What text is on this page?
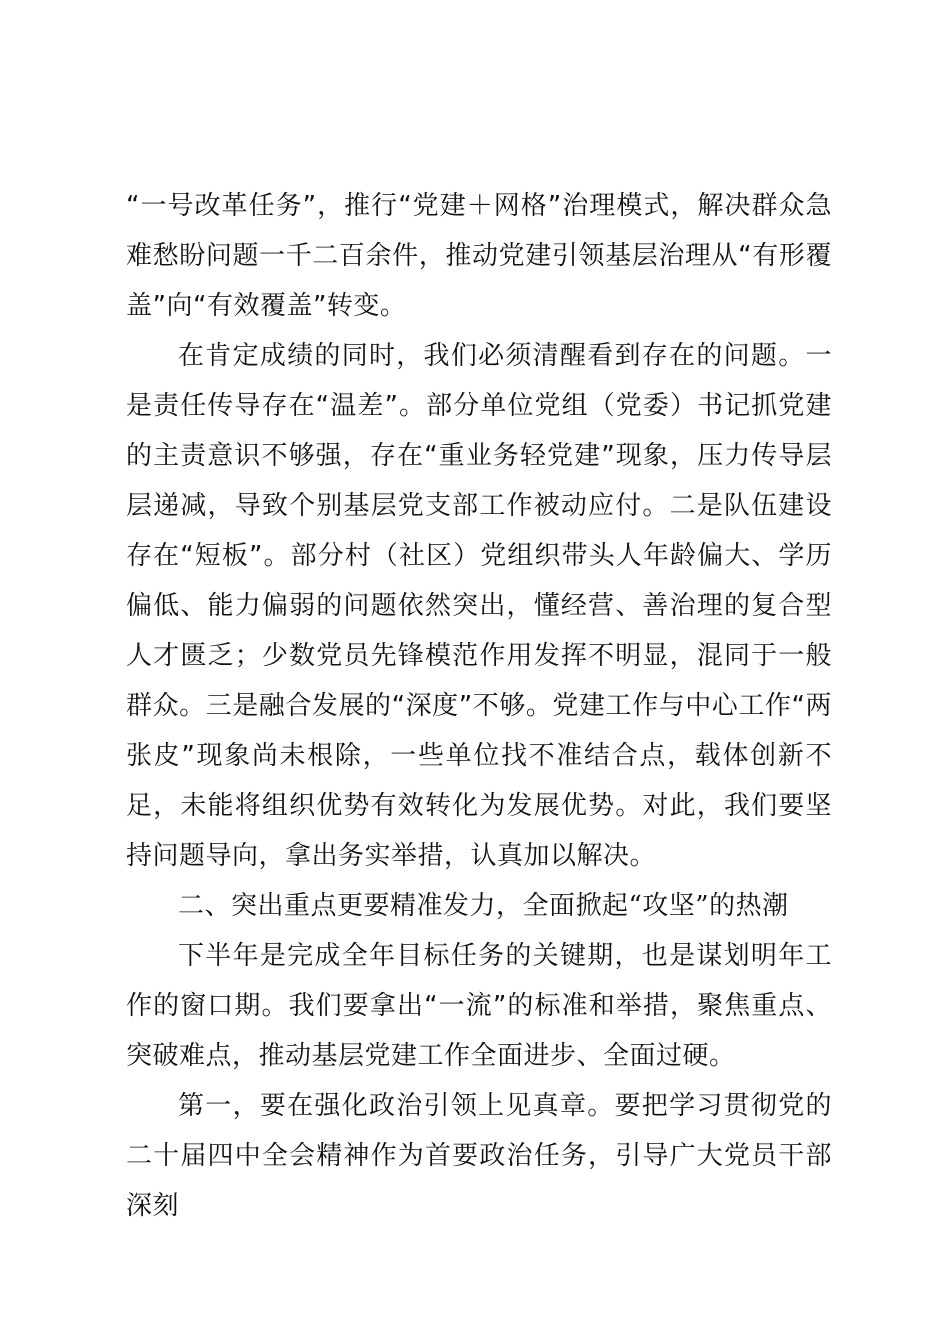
“一号改革任务”，推行“党建＋网格”治理模式，解决群众急难愁盼问题一千二百余件，推动党建引领基层治理从“有形覆盖”向“有效覆盖”转变。

在肯定成绩的同时，我们必须清醒看到存在的问题。一是责任传导存在“温差”。部分单位党组（党委）书记抓党建的主责意识不够强，存在“重业务轻党建”现象，压力传导层层递减，导致个别基层党支部工作被动应付。二是队伍建设存在“短板”。部分村（社区）党组织带头人年龄偏大、学历偏低、能力偏弱的问题依然突出，懂经营、善治理的复合型人才匮乏；少数党员先锋模范作用发挥不明显，混同于一般群众。三是融合发展的“深度”不够。党建工作与中心工作“两张皮”现象尚未根除，一些单位找不准结合点，载体创新不足，未能将组织优势有效转化为发展优势。对此，我们要坚持问题导向，拿出务实举措，认真加以解决。

二、突出重点更要精准发力，全面掀起“攻坚”的热潮

下半年是完成全年目标任务的关键期，也是谋划明年工作的窗口期。我们要拿出“一流”的标准和举措，聚焦重点、突破难点，推动基层党建工作全面进步、全面过硬。

第一，要在强化政治引领上见真章。要把学习贯彻党的二十届四中全会精神作为首要政治任务，引导广大党员干部深刻
